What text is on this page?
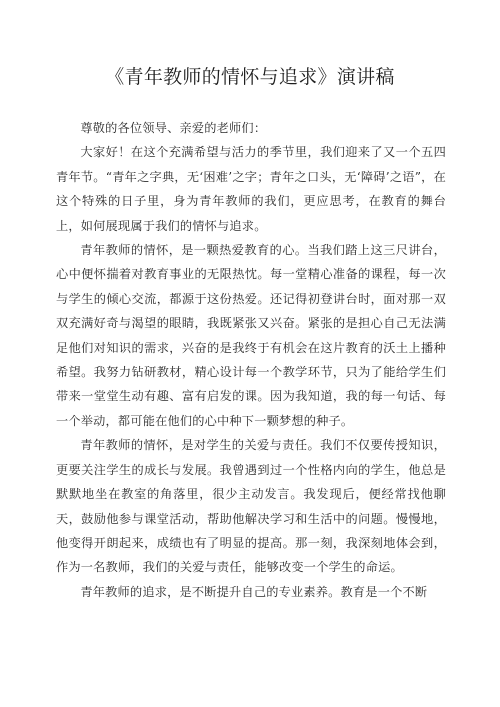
《青年教师的情怀与追求》演讲稿

尊敬的各位领导、亲爱的老师们：

大家好！在这个充满希望与活力的季节里，我们迎来了又一个五四青年节。“青年之字典，无‘困难’之字；青年之口头，无‘障碍’之语”，在这个特殊的日子里，身为青年教师的我们，更应思考，在教育的舞台上，如何展现属于我们的情怀与追求。

青年教师的情怀，是一颗热爱教育的心。当我们踏上这三尺讲台，心中便怀揣着对教育事业的无限热忱。每一堂精心准备的课程，每一次与学生的倾心交流，都源于这份热爱。还记得初登讲台时，面对那一双双充满好奇与渴望的眼睛，我既紧张又兴奋。紧张的是担心自己无法满足他们对知识的需求，兴奋的是我终于有机会在这片教育的沃土上播种希望。我努力钻研教材，精心设计每一个教学环节，只为了能给学生们带来一堂堂生动有趣、富有启发的课。因为我知道，我的每一句话、每一个举动，都可能在他们的心中种下一颗梦想的种子。

青年教师的情怀，是对学生的关爱与责任。我们不仅要传授知识，更要关注学生的成长与发展。我曾遇到过一个性格内向的学生，他总是默默地坐在教室的角落里，很少主动发言。我发现后，便经常找他聊天，鼓励他参与课堂活动，帮助他解决学习和生活中的问题。慢慢地，他变得开朗起来，成绩也有了明显的提高。那一刻，我深刻地体会到，作为一名教师，我们的关爱与责任，能够改变一个学生的命运。

青年教师的追求，是不断提升自己的专业素养。教育是一个不断
